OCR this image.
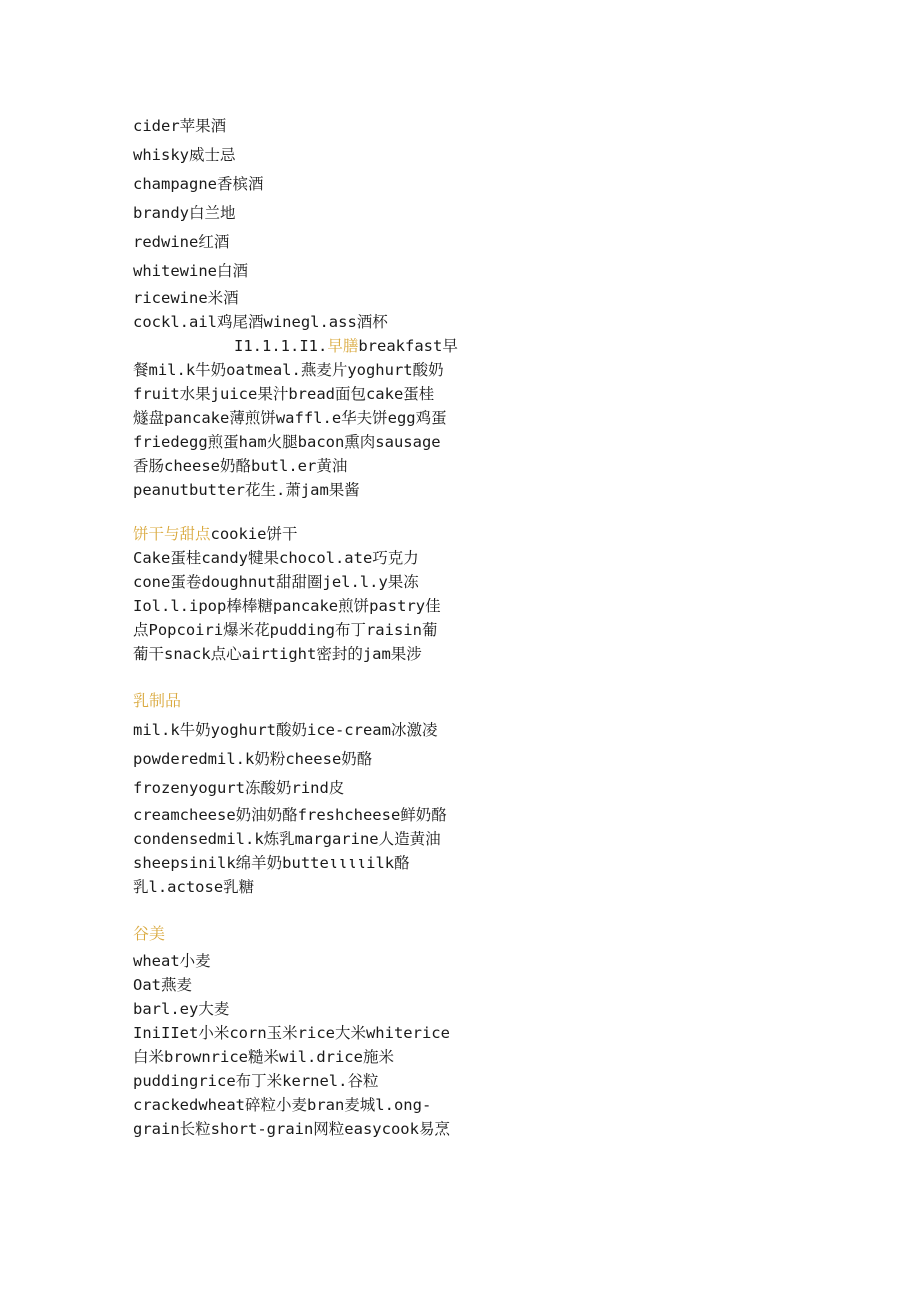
cider苹果酒
whisky威士忌
champagne香槟酒
brandy白兰地
redwine红酒
whitewine白酒
ricewine米酒
cockl.ail鸡尾酒winegl.ass酒杯
I1.1.1.I1.早膳breakfast早
餐mil.k牛奶oatmeal.燕麦片yoghurt酸奶
fruit水果juice果汁bread面包cake蛋桂
燧盘pancake薄煎饼waffl.e华夫饼egg鸡蛋
friedegg煎蛋ham火腿bacon熏肉sausage
香肠cheese奶酪butl.er黄油
peanutbutter花生.萧jam果酱
饼干与甜点cookie饼干
Cake蛋桂candy犍果chocol.ate巧克力
cone蛋卷doughnut甜甜圈jel.l.y果冻
Iol.l.ipop棒棒糖pancake煎饼pastry佳
点Popcoiri爆米花pudding布丁raisin葡
葡干snack点心airtight密封的jam果涉
乳制品
mil.k牛奶yoghurt酸奶ice-cream冰激凌
powderedmil.k奶粉cheese奶酪
frozenyogurt冻酸奶rind皮
creamcheese奶油奶酪freshcheese鲜奶酪
condensedmil.k炼乳margarine人造黄油
sheepsinilk绵羊奶butteιιιιilk酪
乳l.actose乳糖
谷美
wheat小麦
Oat燕麦
barl.ey大麦
IniIIet小米corn玉米rice大米whiterice
白米brownrice糙米wil.drice施米
puddingrice布丁米kernel.谷粒
crackedwheat碎粒小麦bran麦城l.ong-
grain长粒short-grain网粒easycook易烹
